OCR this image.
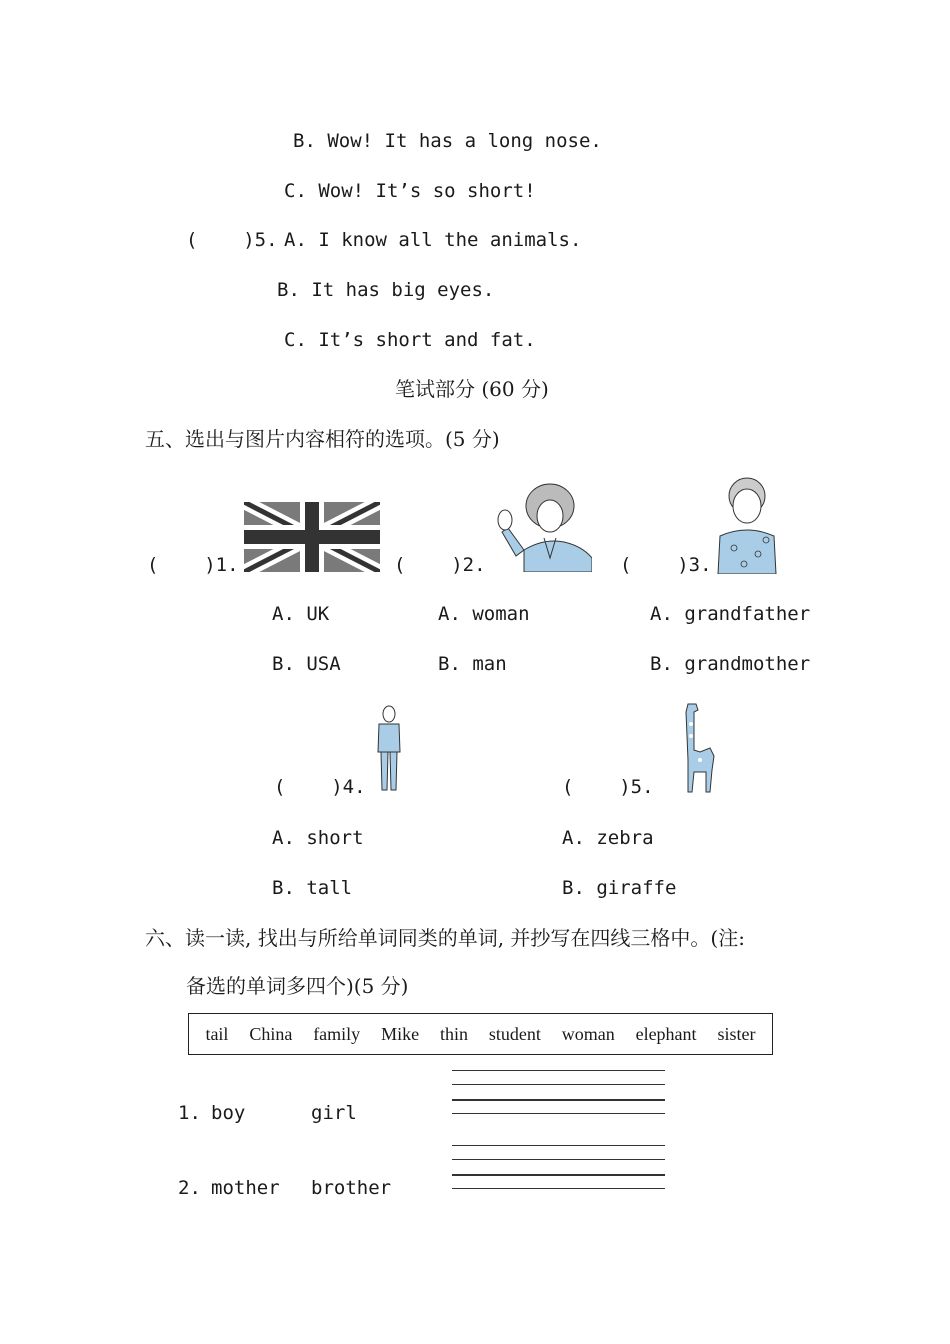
B. Wow! It has a long nose.
C. Wow! It’s so short!
(    )5. A. I know all the animals.
B. It has big eyes.
C. It’s short and fat.
笔试部分 (60 分)
五、选出与图片内容相符的选项。(5 分)
(    )1.
A. UK
B. USA
(    )2.
A. woman
B. man
(    )3.
A. grandfather
B. grandmother
(    )4.
A. short
B. tall
(    )5.
A. zebra
B. giraffe
六、读一读, 找出与所给单词同类的单词, 并抄写在四线三格中。(注:
备选的单词多四个)(5 分)
tail China family Mike thin student woman elephant sister
1. boy	girl
2. mother brother
